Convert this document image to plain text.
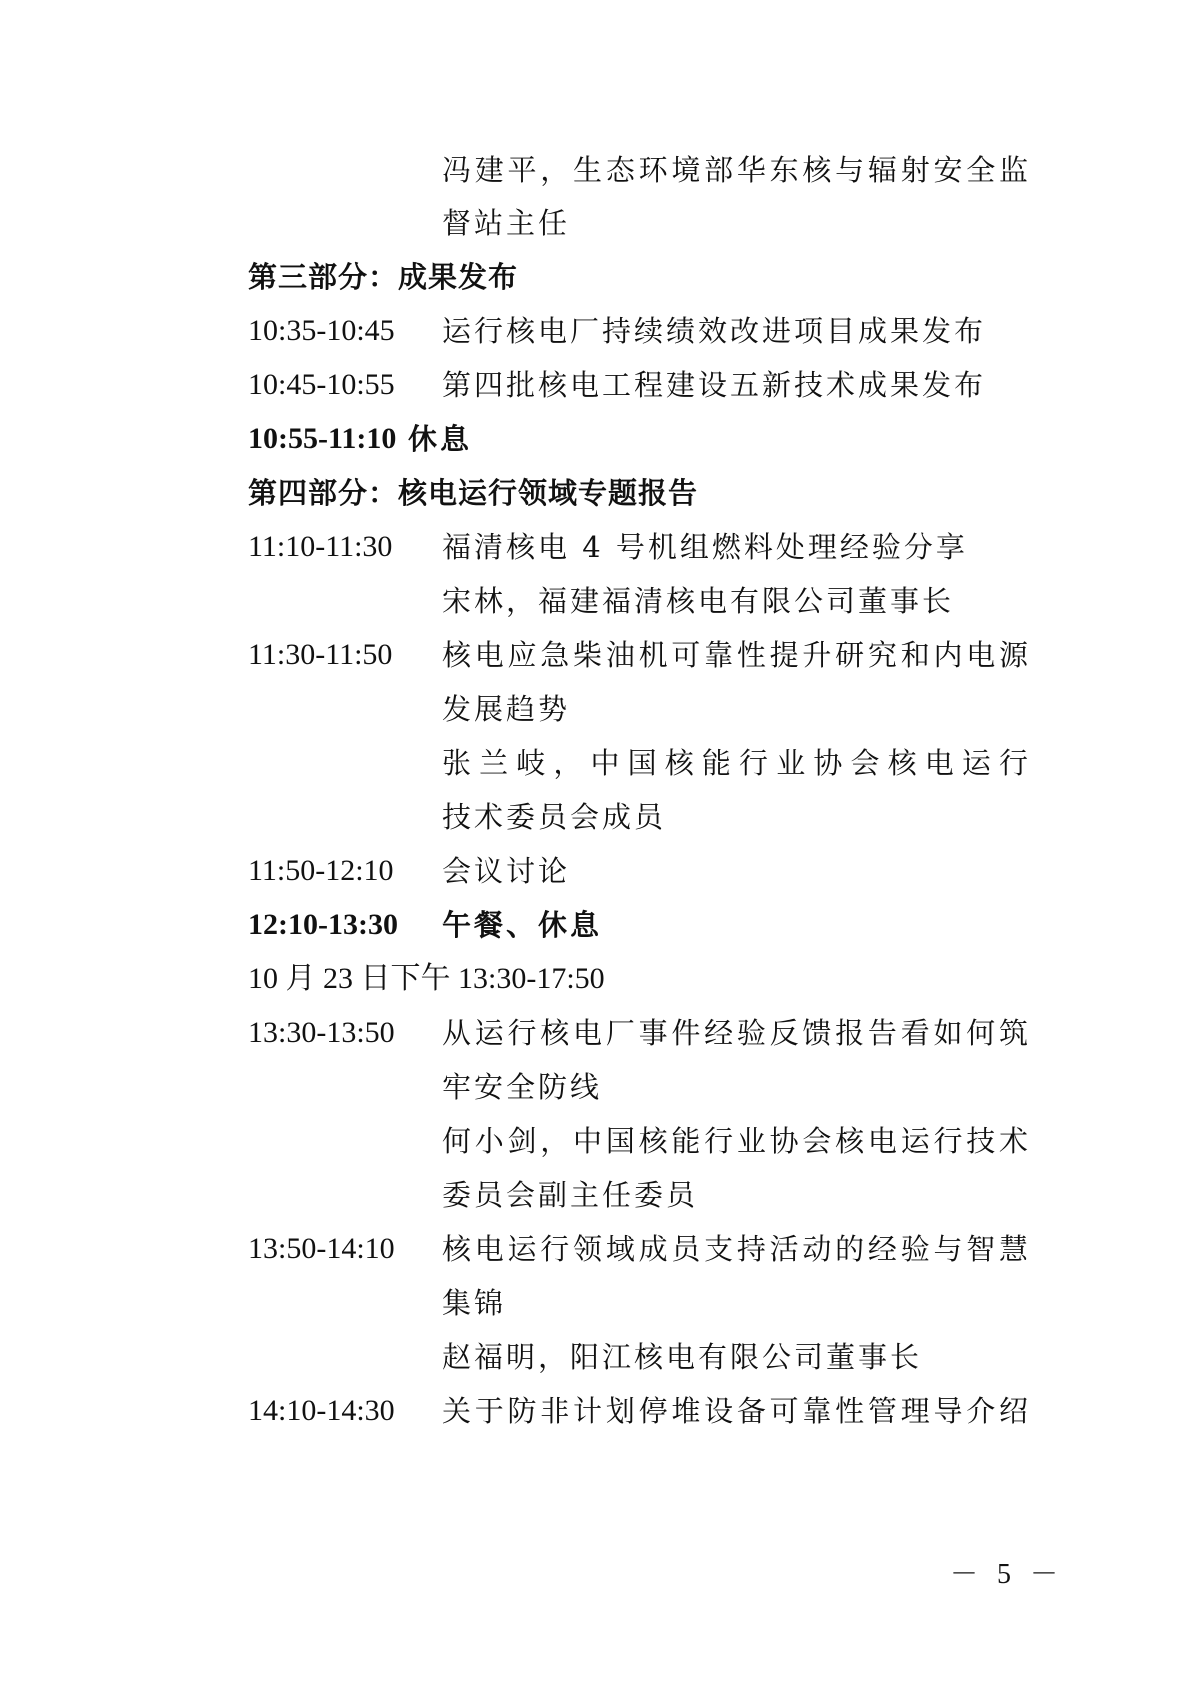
冯建平，生态环境部华东核与辐射安全监
督站主任
第三部分：成果发布
10:35-10:45 运行核电厂持续绩效改进项目成果发布
10:45-10:55 第四批核电工程建设五新技术成果发布
10:55-11:10 休息
第四部分：核电运行领域专题报告
11:10-11:30 福清核电 4 号机组燃料处理经验分享
宋林，福建福清核电有限公司董事长
11:30-11:50 核电应急柴油机可靠性提升研究和内电源
发展趋势
张兰岐，中国核能行业协会核电运行
技术委员会成员
11:50-12:10 会议讨论
12:10-13:30 午餐、休息
10 月 23 日下午 13:30-17:50
13:30-13:50 从运行核电厂事件经验反馈报告看如何筑
牢安全防线
何小剑，中国核能行业协会核电运行技术
委员会副主任委员
13:50-14:10 核电运行领域成员支持活动的经验与智慧
集锦
赵福明，阳江核电有限公司董事长
14:10-14:30 关于防非计划停堆设备可靠性管理导介绍
－ 5 －
